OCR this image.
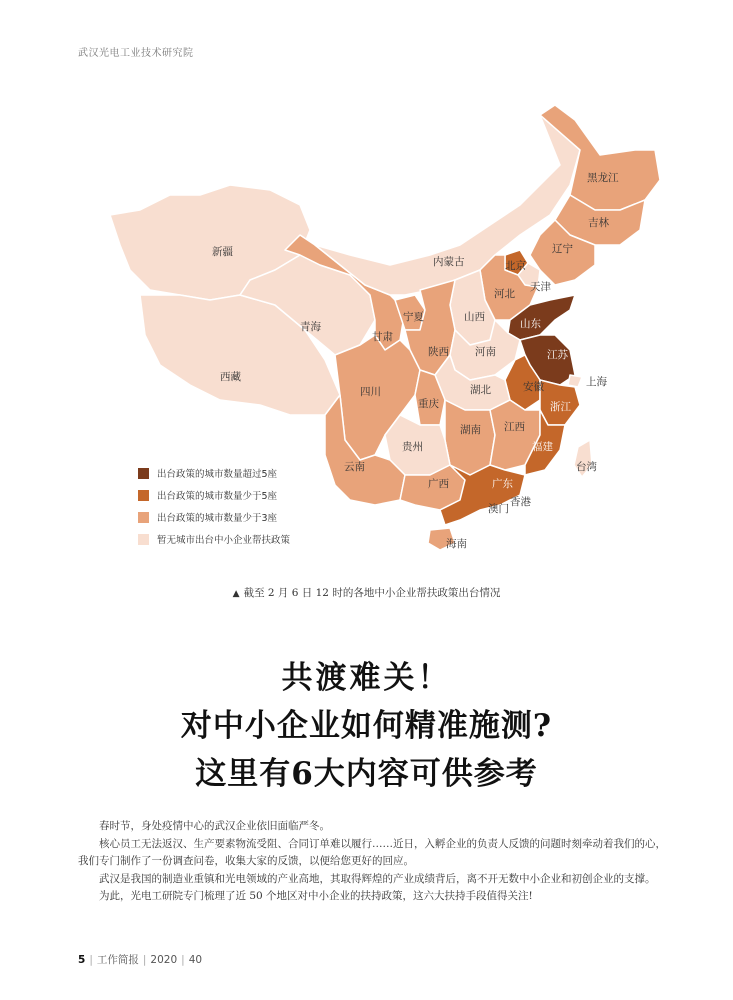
武汉光电工业技术研究院
新疆
西藏
青海
内蒙古
黑龙江
吉林
辽宁
北京
天津
河北
山西
山东
宁夏
甘肃
陕西 河南	江苏
上海
安徽
湖北
浙江
四川
重庆
湖南 江西
福建
贵州
云南
广西	广东
台湾
香港
澳门
海南
出台政策的城市数量超过5座
出台政策的城市数量少于5座
出台政策的城市数量少于3座
暂无城市出台中小企业帮扶政策
▲ 截至 2 月 6 日 12 时的各地中小企业帮扶政策出台情况
共渡难关！
对中小企业如何精准施测?
这里有6大内容可供参考

春时节，身处疫情中心的武汉企业依旧面临严冬。

核心员工无法返汉、生产要素物流受阻、合同订单难以履行……近日，入孵企业的负责人反馈的问题时刻牵动着我们的心，

我们专门制作了一份调查问卷，收集大家的反馈，以便给您更好的回应。

武汉是我国的制造业重镇和光电领域的产业高地，其取得辉煌的产业成绩背后，离不开无数中小企业和初创企业的支撑。

为此，光电工研院专门梳理了近 50 个地区对中小企业的扶持政策，这六大扶持手段值得关注!

5 | 工作简报 | 2020 | 40
